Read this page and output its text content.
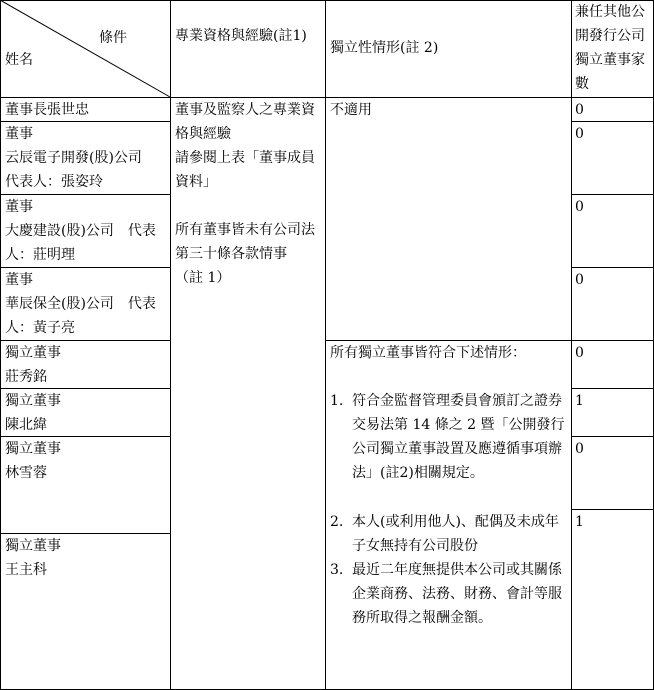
條件
姓名
專業資格與經驗(註1)
獨立性情形(註 2)
兼任其他公開發行公司獨立董事家數
董事長張世忠
董事
云辰電子開發(股)公司　代表人：張姿玲
董事
大慶建設(股)公司　代表人：莊明理
董事
華辰保全(股)公司　代表人：黃子亮
獨立董事
莊秀銘
獨立董事
陳北緯
獨立董事
林雪蓉
獨立董事
王主科
董事及監察人之專業資格與經驗
請參閱上表「董事成員資料」
所有董事皆未有公司法第三十條各款情事
（註 1）
不適用
所有獨立董事皆符合下述情形：
1. 符合金監督管理委員會頒訂之證券交易法第 14 條之 2 暨「公開發行公司獨立董事設置及應遵循事項辦法」(註2)相關規定。
2. 本人(或利用他人)、配偶及未成年子女無持有公司股份
3. 最近二年度無提供本公司或其關係企業商務、法務、財務、會計等服務所取得之報酬金額。
0
0
0
0
0
1
0
1
